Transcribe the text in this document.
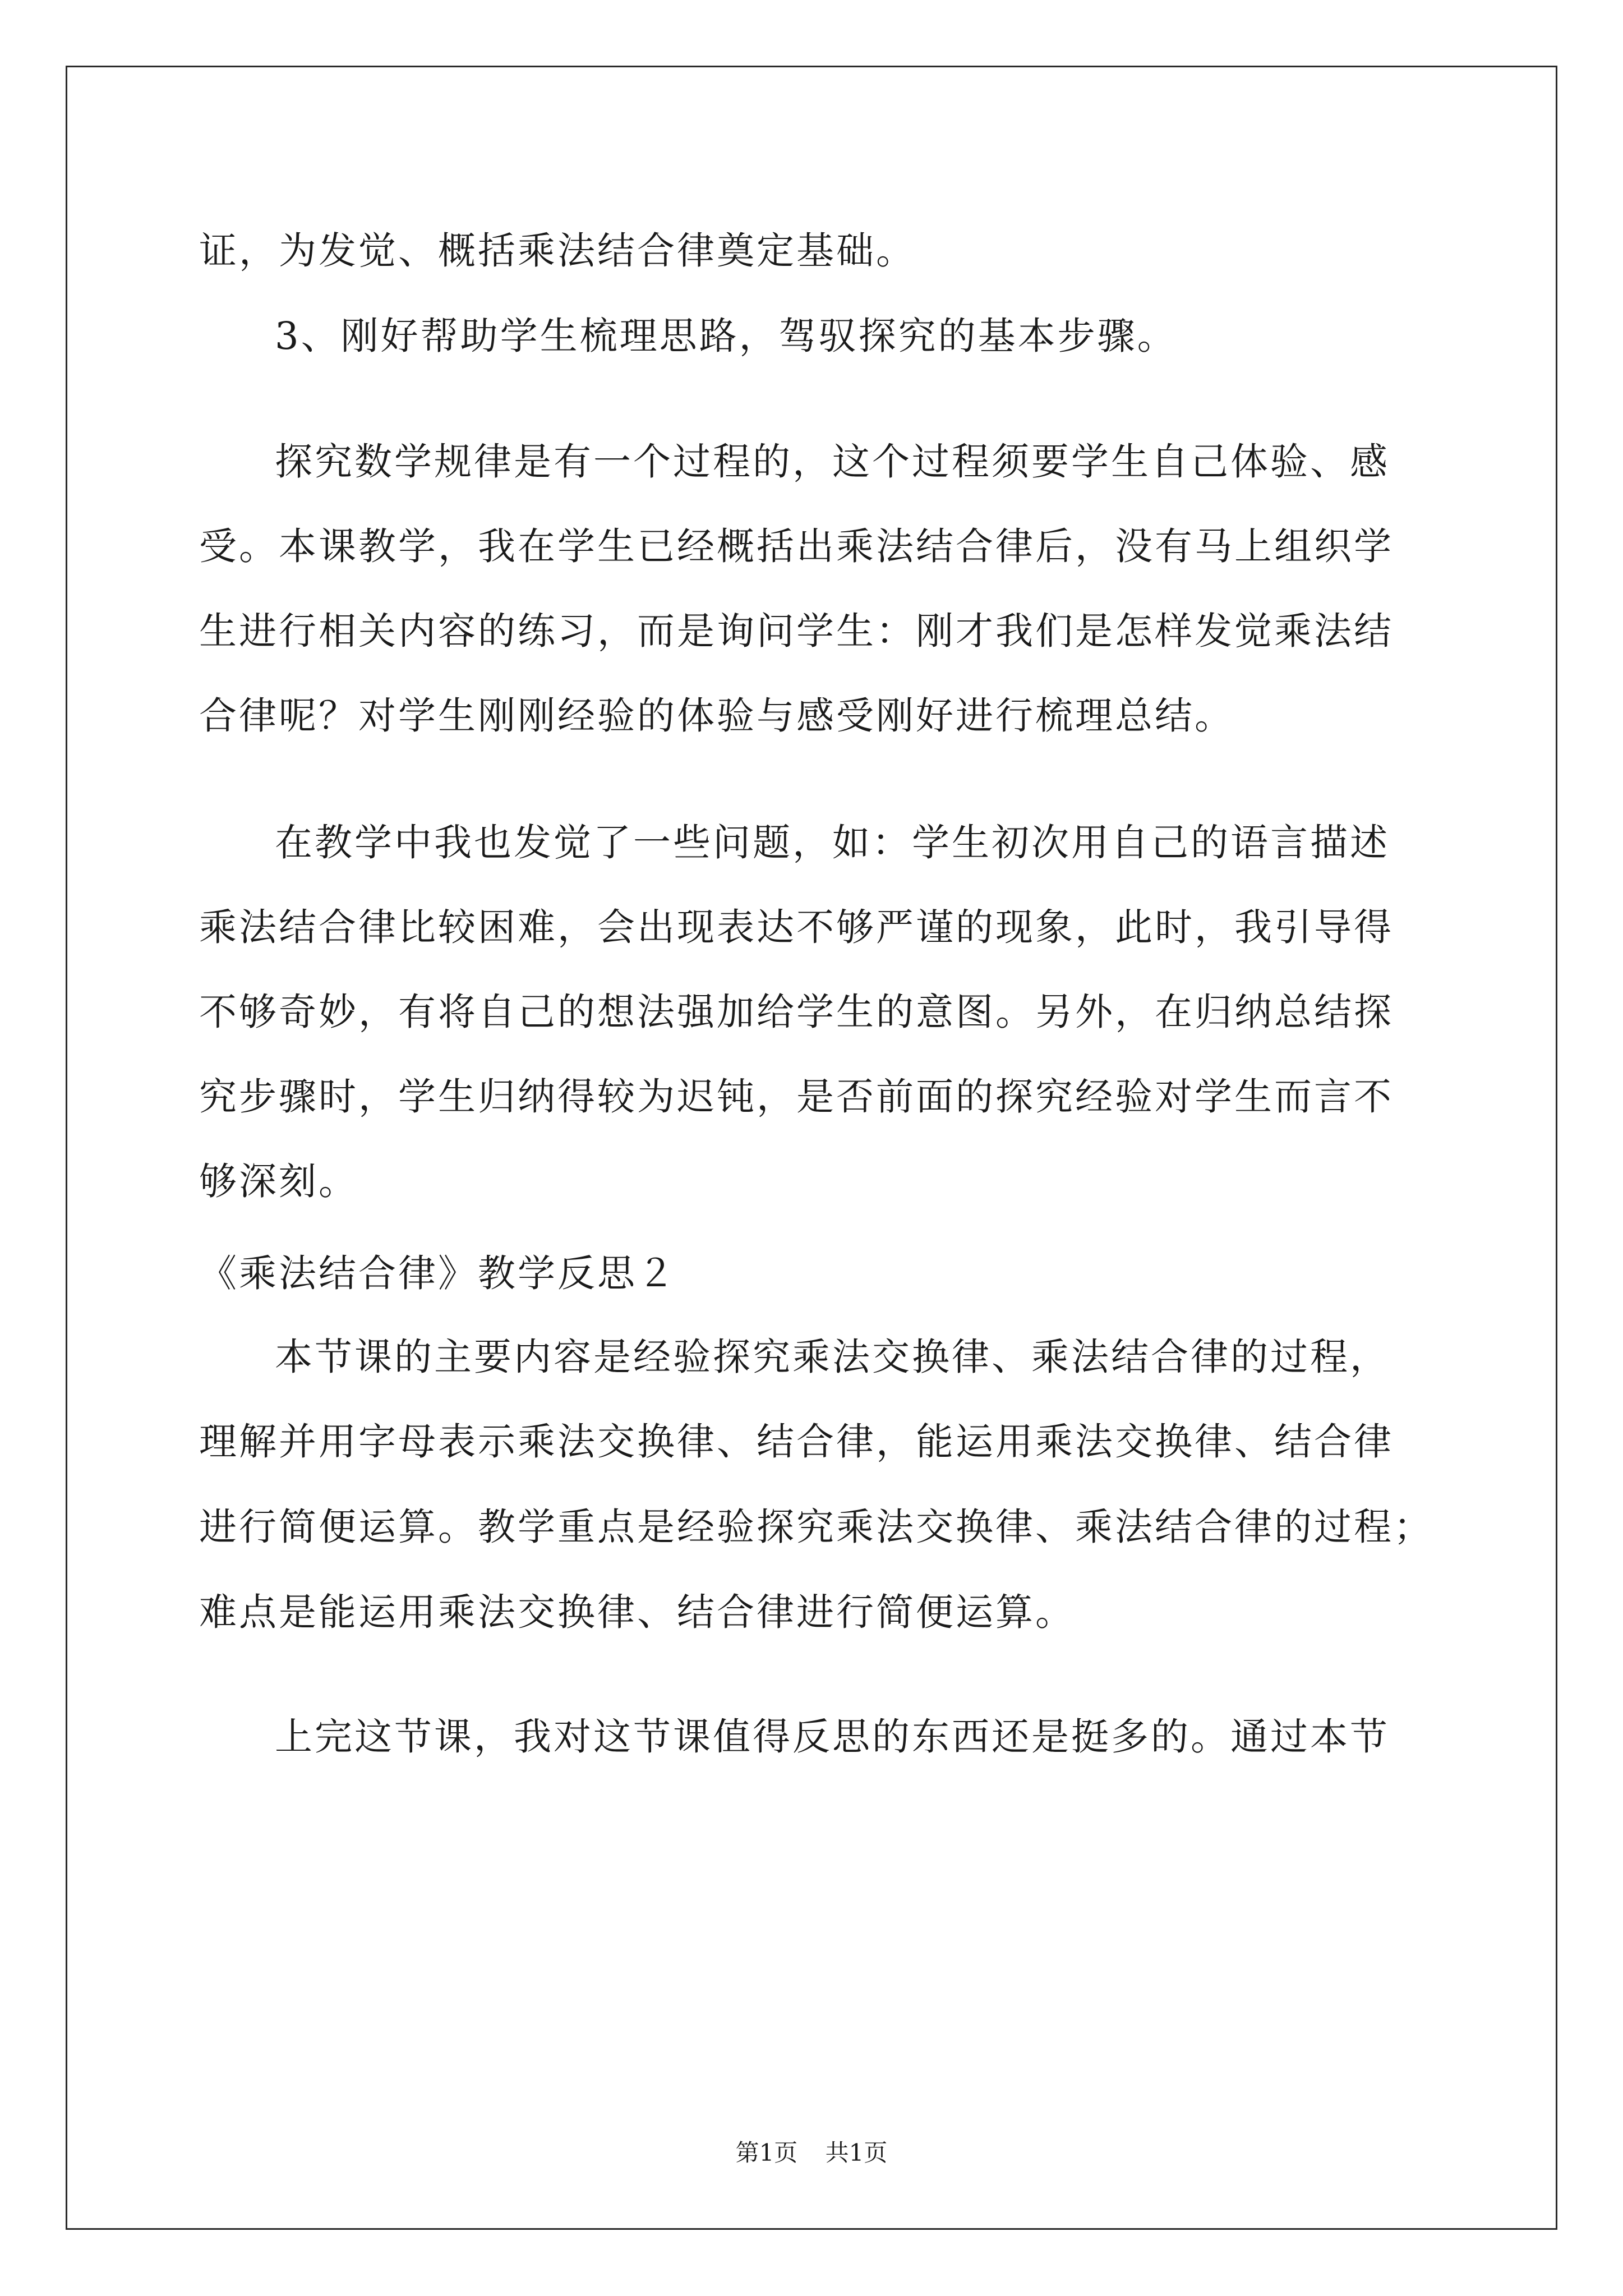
证，为发觉、概括乘法结合律奠定基础。
3、刚好帮助学生梳理思路，驾驭探究的基本步骤。
探究数学规律是有一个过程的，这个过程须要学生自己体验、感
受。本课教学，我在学生已经概括出乘法结合律后，没有马上组织学
生进行相关内容的练习，而是询问学生：刚才我们是怎样发觉乘法结
合律呢？对学生刚刚经验的体验与感受刚好进行梳理总结。
在教学中我也发觉了一些问题，如：学生初次用自己的语言描述
乘法结合律比较困难，会出现表达不够严谨的现象，此时，我引导得
不够奇妙，有将自己的想法强加给学生的意图。另外，在归纳总结探
究步骤时，学生归纳得较为迟钝，是否前面的探究经验对学生而言不
够深刻。
《乘法结合律》教学反思２
本节课的主要内容是经验探究乘法交换律、乘法结合律的过程，
理解并用字母表示乘法交换律、结合律，能运用乘法交换律、结合律
进行简便运算。教学重点是经验探究乘法交换律、乘法结合律的过程；
难点是能运用乘法交换律、结合律进行简便运算。
上完这节课，我对这节课值得反思的东西还是挺多的。通过本节
第1页 共1页
